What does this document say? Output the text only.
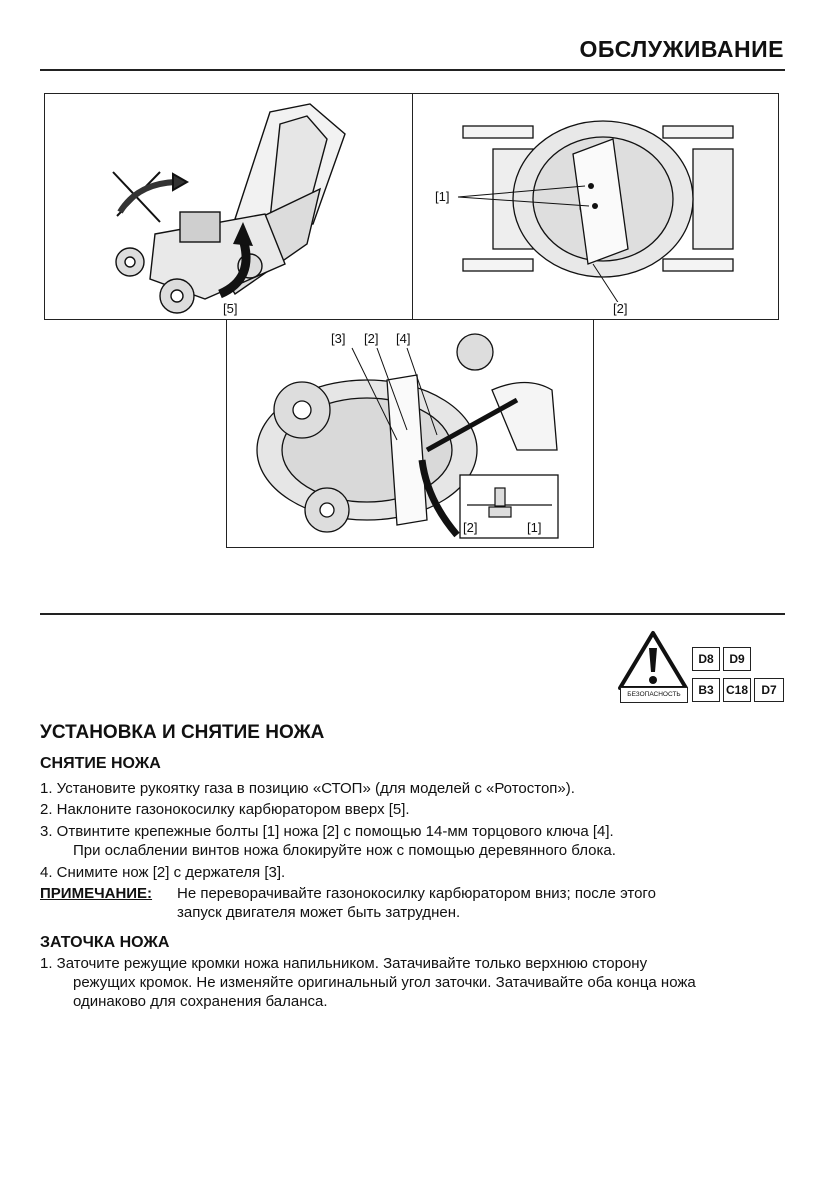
ОБСЛУЖИВАНИЕ
[5]
[1]
[2]
[3] [2] [4]
[2]	[1]
БЕЗОПАСНОСТЬ
D8	D9
B3	C18	D7
УСТАНОВКА И СНЯТИЕ НОЖА
СНЯТИЕ НОЖА
1. Установите рукоятку газа в позицию «СТОП» (для моделей с «Ротостоп»).
2. Наклоните газонокосилку карбюратором вверх [5].
3. Отвинтите крепежные болты [1] ножа [2] с помощью 14-мм торцового ключа [4].
При ослаблении винтов ножа блокируйте нож с помощью деревянного блока.
4. Снимите нож [2] с держателя [3].
ПРИМЕЧАНИЕ: Не переворачивайте газонокосилку карбюратором вниз; после этого
запуск двигателя может быть затруднен.
ЗАТОЧКА НОЖА
1. Заточите режущие кромки ножа напильником. Затачивайте только верхнюю сторону
режущих кромок. Не изменяйте оригинальный угол заточки. Затачивайте оба конца ножа
одинаково для сохранения баланса.
